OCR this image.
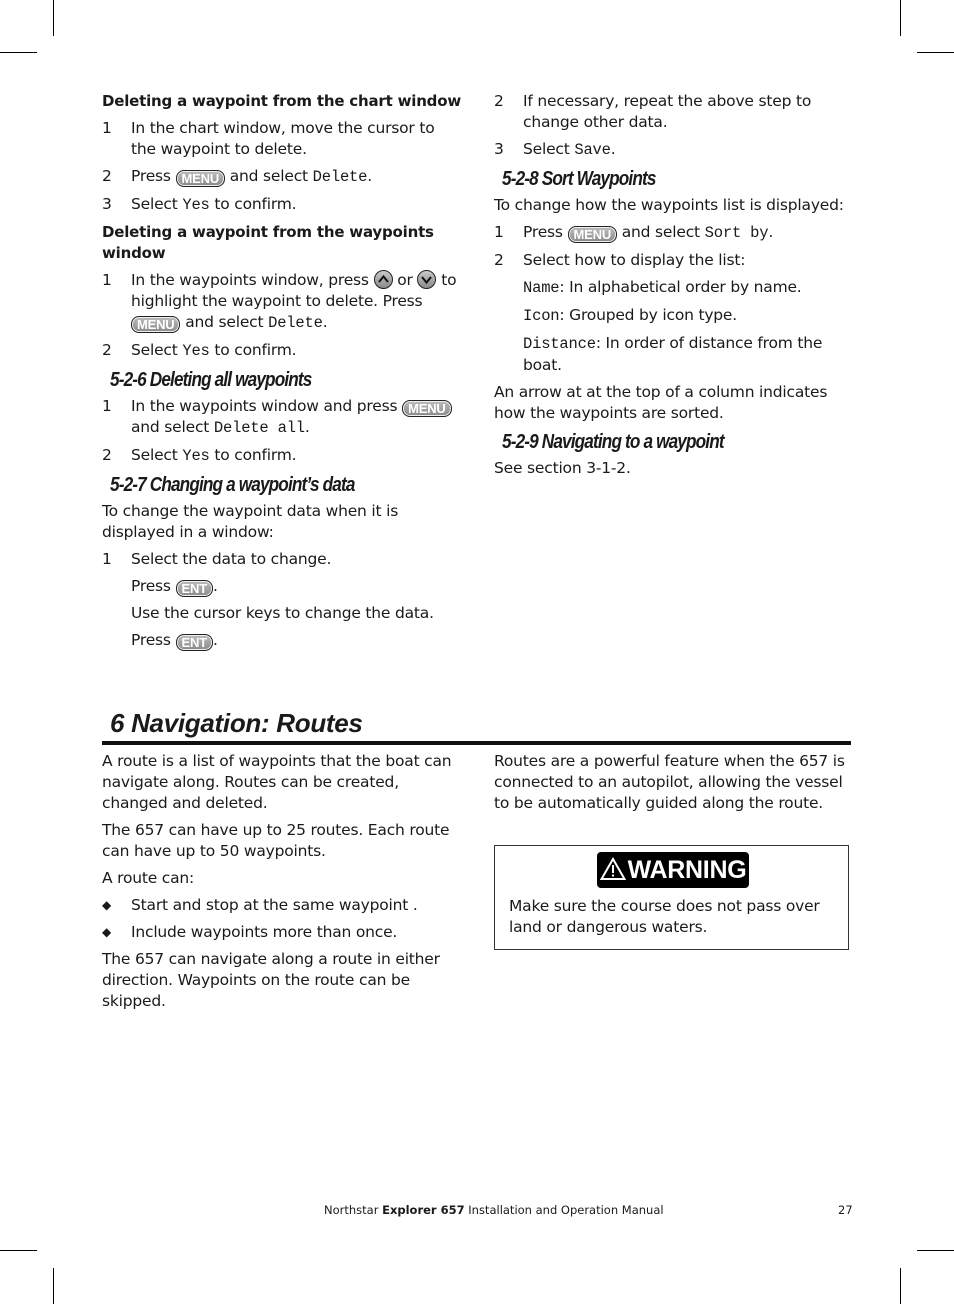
Deleting a waypoint from the chart window
1 In the chart window, move the cursor to the waypoint to delete.
2 Press MENU and select Delete.
3 Select Yes to confirm.
Deleting a waypoint from the waypoints window
1 In the waypoints window, press or to highlight the waypoint to delete. Press MENU and select Delete.
2 Select Yes to confirm.
5-2-6 Deleting all waypoints
1 In the waypoints window and press MENU and select Delete all.
2 Select Yes to confirm.
5-2-7 Changing a waypoint’s data
To change the waypoint data when it is displayed in a window:
1 Select the data to change.
Press ENT .
Use the cursor keys to change the data.
Press ENT .
2 If necessary, repeat the above step to change other data.
3 Select Save.
5-2-8 Sort Waypoints
To change how the waypoints list is displayed:
1 Press MENU and select Sort by.
2 Select how to display the list:
Name: In alphabetical order by name.
Icon: Grouped by icon type.
Distance: In order of distance from the boat.
An arrow at at the top of a column indicates how the waypoints are sorted.
5-2-9 Navigating to a waypoint
See section 3-1-2.
6 Navigation: Routes
A route is a list of waypoints that the boat can navigate along. Routes can be created, changed and deleted.
The 657 can have up to 25 routes. Each route can have up to 50 waypoints.
A route can:
◆ Start and stop at the same waypoint .
◆ Include waypoints more than once.
The 657 can navigate along a route in either direction. Waypoints on the route can be skipped.
Routes are a powerful feature when the 657 is connected to an autopilot, allowing the vessel to be automatically guided along the route.
WARNING
Make sure the course does not pass over land or dangerous waters.
Northstar Explorer 657 Installation and Operation Manual	27
